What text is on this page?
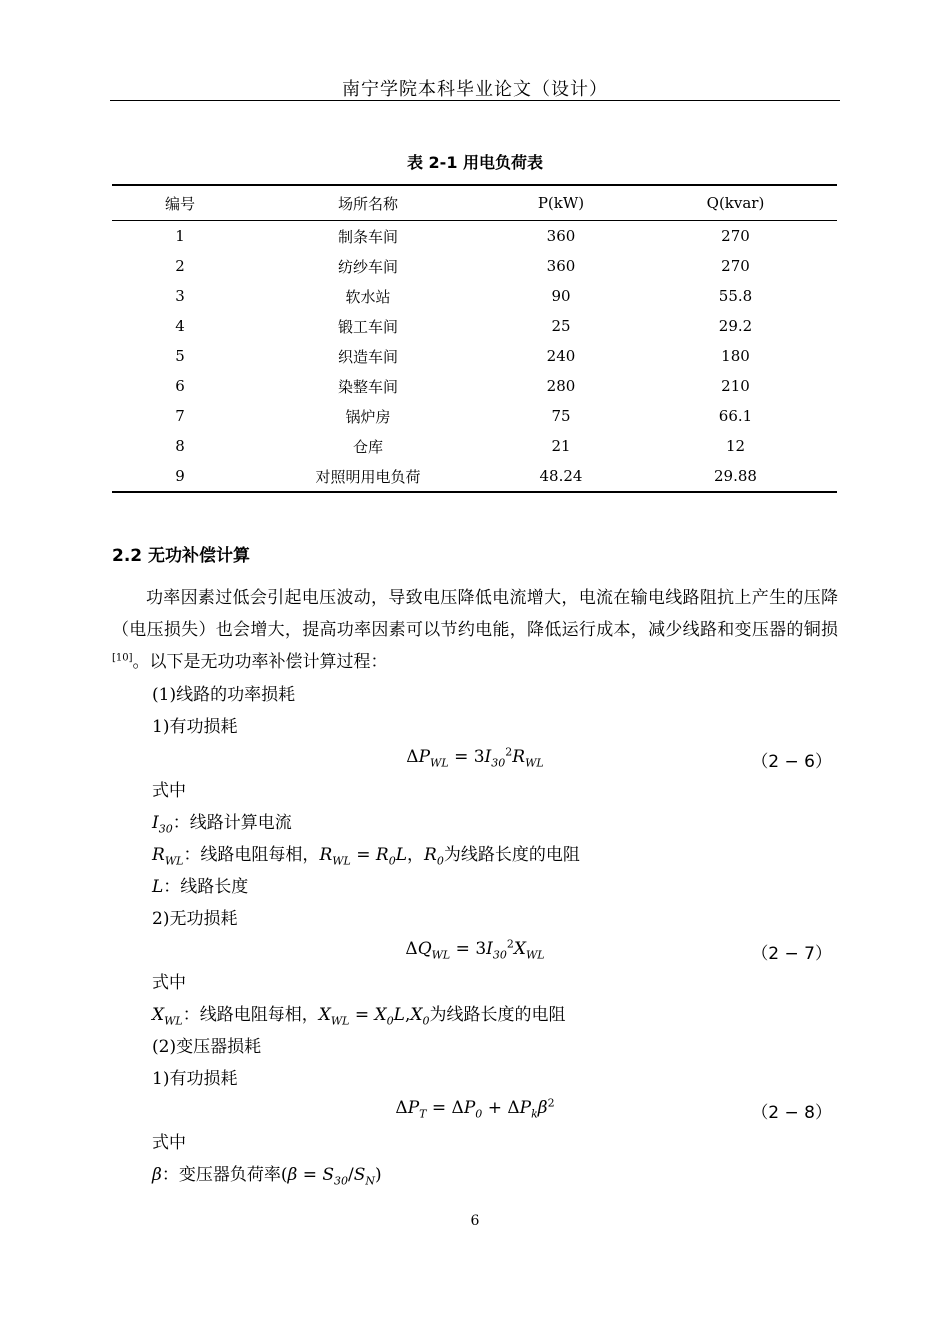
南宁学院本科毕业论文（设计）
表 2-1 用电负荷表
编号	场所名称	P(kW)	Q(kvar)
1	制条车间	360	270
2	纺纱车间	360	270
3	软水站	90	55.8
4	锻工车间	25	29.2
5	织造车间	240	180
6	染整车间	280	210
7	锅炉房	75	66.1
8	仓库	21	12
9	对照明用电负荷	48.24	29.88
2.2 无功补偿计算

功率因素过低会引起电压波动，导致电压降低电流增大，电流在输电线路阻抗上产生的压降（电压损失）也会增大，提高功率因素可以节约电能，降低运行成本，减少线路和变压器的铜损[10]。以下是无功功率补偿计算过程：

(1)线路的功率损耗
1)有功损耗
$\Delta P_{WL} = 3I_{30}^2R_{WL}$	（2 − 6）
式中
$I_{30}$：线路计算电流
$R_{WL}$：线路电阻每相，$R_{WL} = R_0L$，$R_0$为线路长度的电阻
L：线路长度
2)无功损耗
$\Delta Q_{WL} = 3I_{30}^2X_{WL}$	（2 − 7）
式中
$X_{WL}$：线路电阻每相，$X_{WL} = X_0L,X_0$为线路长度的电阻
(2)变压器损耗
1)有功损耗
$\Delta P_T = \Delta P_0 + \Delta P_k\beta^2$
（2 − 8）
式中
β：变压器负荷率$(\beta = S_{30}/S_N)$
6
